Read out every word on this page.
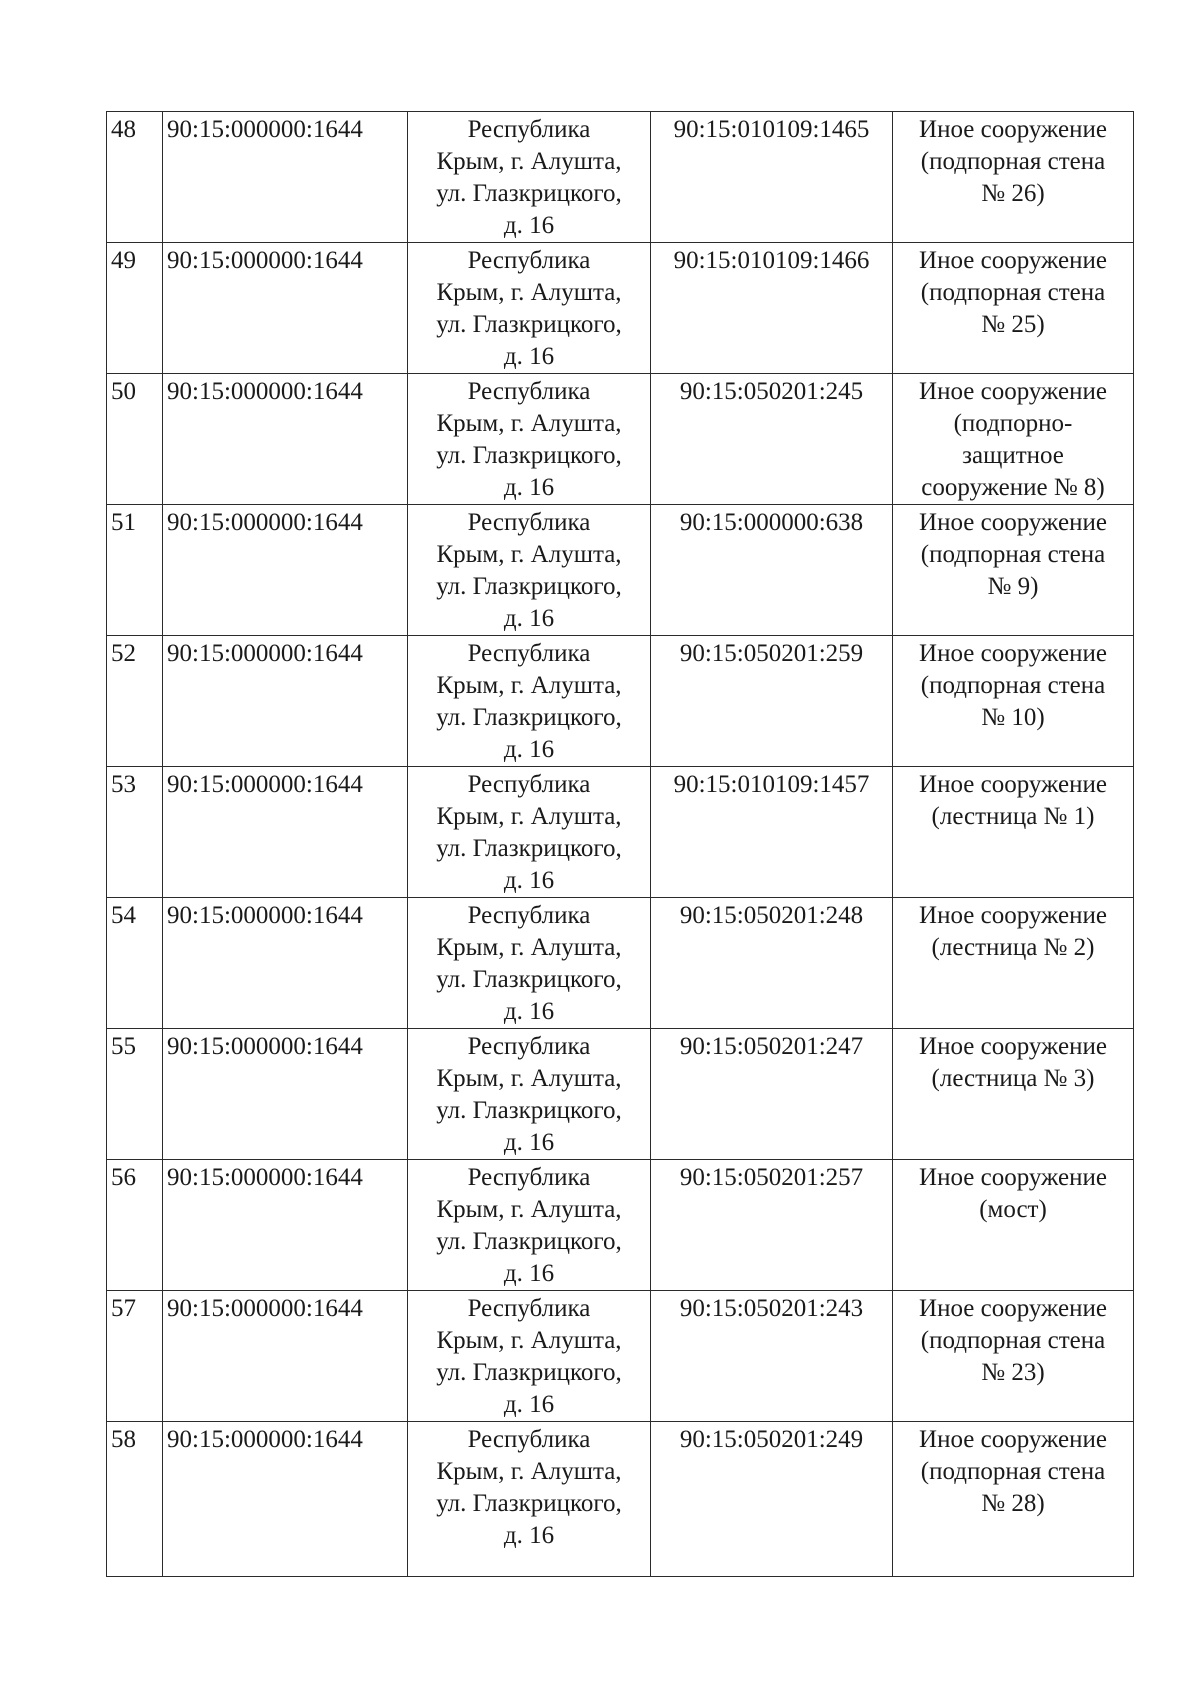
48	90:15:000000:1644	Республика
Крым, г. Алушта,
ул. Глазкрицкого,
д. 16	90:15:010109:1465	Иное сооружение
(подпорная стена
№ 26)

49	90:15:000000:1644	Республика
Крым, г. Алушта,
ул. Глазкрицкого,
д. 16	90:15:010109:1466	Иное сооружение
(подпорная стена
№ 25)

50	90:15:000000:1644	Республика
Крым, г. Алушта,
ул. Глазкрицкого,
д. 16	90:15:050201:245	Иное сооружение
(подпорно-
защитное
сооружение № 8)

51	90:15:000000:1644	Республика
Крым, г. Алушта,
ул. Глазкрицкого,
д. 16	90:15:000000:638	Иное сооружение
(подпорная стена
№ 9)

52	90:15:000000:1644	Республика
Крым, г. Алушта,
ул. Глазкрицкого,
д. 16	90:15:050201:259	Иное сооружение
(подпорная стена
№ 10)

53	90:15:000000:1644	Республика
Крым, г. Алушта,
ул. Глазкрицкого,
д. 16	90:15:010109:1457	Иное сооружение
(лестница № 1)

54	90:15:000000:1644	Республика
Крым, г. Алушта,
ул. Глазкрицкого,
д. 16	90:15:050201:248	Иное сооружение
(лестница № 2)

55	90:15:000000:1644	Республика
Крым, г. Алушта,
ул. Глазкрицкого,
д. 16	90:15:050201:247	Иное сооружение
(лестница № 3)

56	90:15:000000:1644	Республика
Крым, г. Алушта,
ул. Глазкрицкого,
д. 16	90:15:050201:257	Иное сооружение
(мост)

57	90:15:000000:1644	Республика
Крым, г. Алушта,
ул. Глазкрицкого,
д. 16	90:15:050201:243	Иное сооружение
(подпорная стена
№ 23)

58	90:15:000000:1644	Республика
Крым, г. Алушта,
ул. Глазкрицкого,
д. 16	90:15:050201:249	Иное сооружение
(подпорная стена
№ 28)
